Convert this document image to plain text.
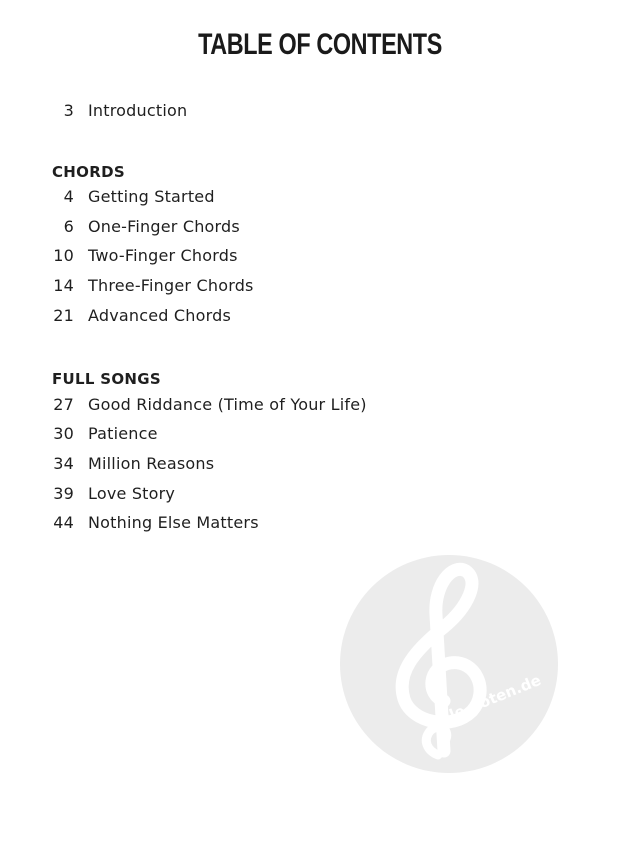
TABLE OF CONTENTS
3 Introduction
CHORDS
4 Getting Started
6 One-Finger Chords
10 Two-Finger Chords
14 Three-Finger Chords
21 Advanced Chords
FULL SONGS
27 Good Riddance (Time of Your Life)
30 Patience
34 Million Reasons
39 Love Story
44 Nothing Else Matters
alle-noten.de
